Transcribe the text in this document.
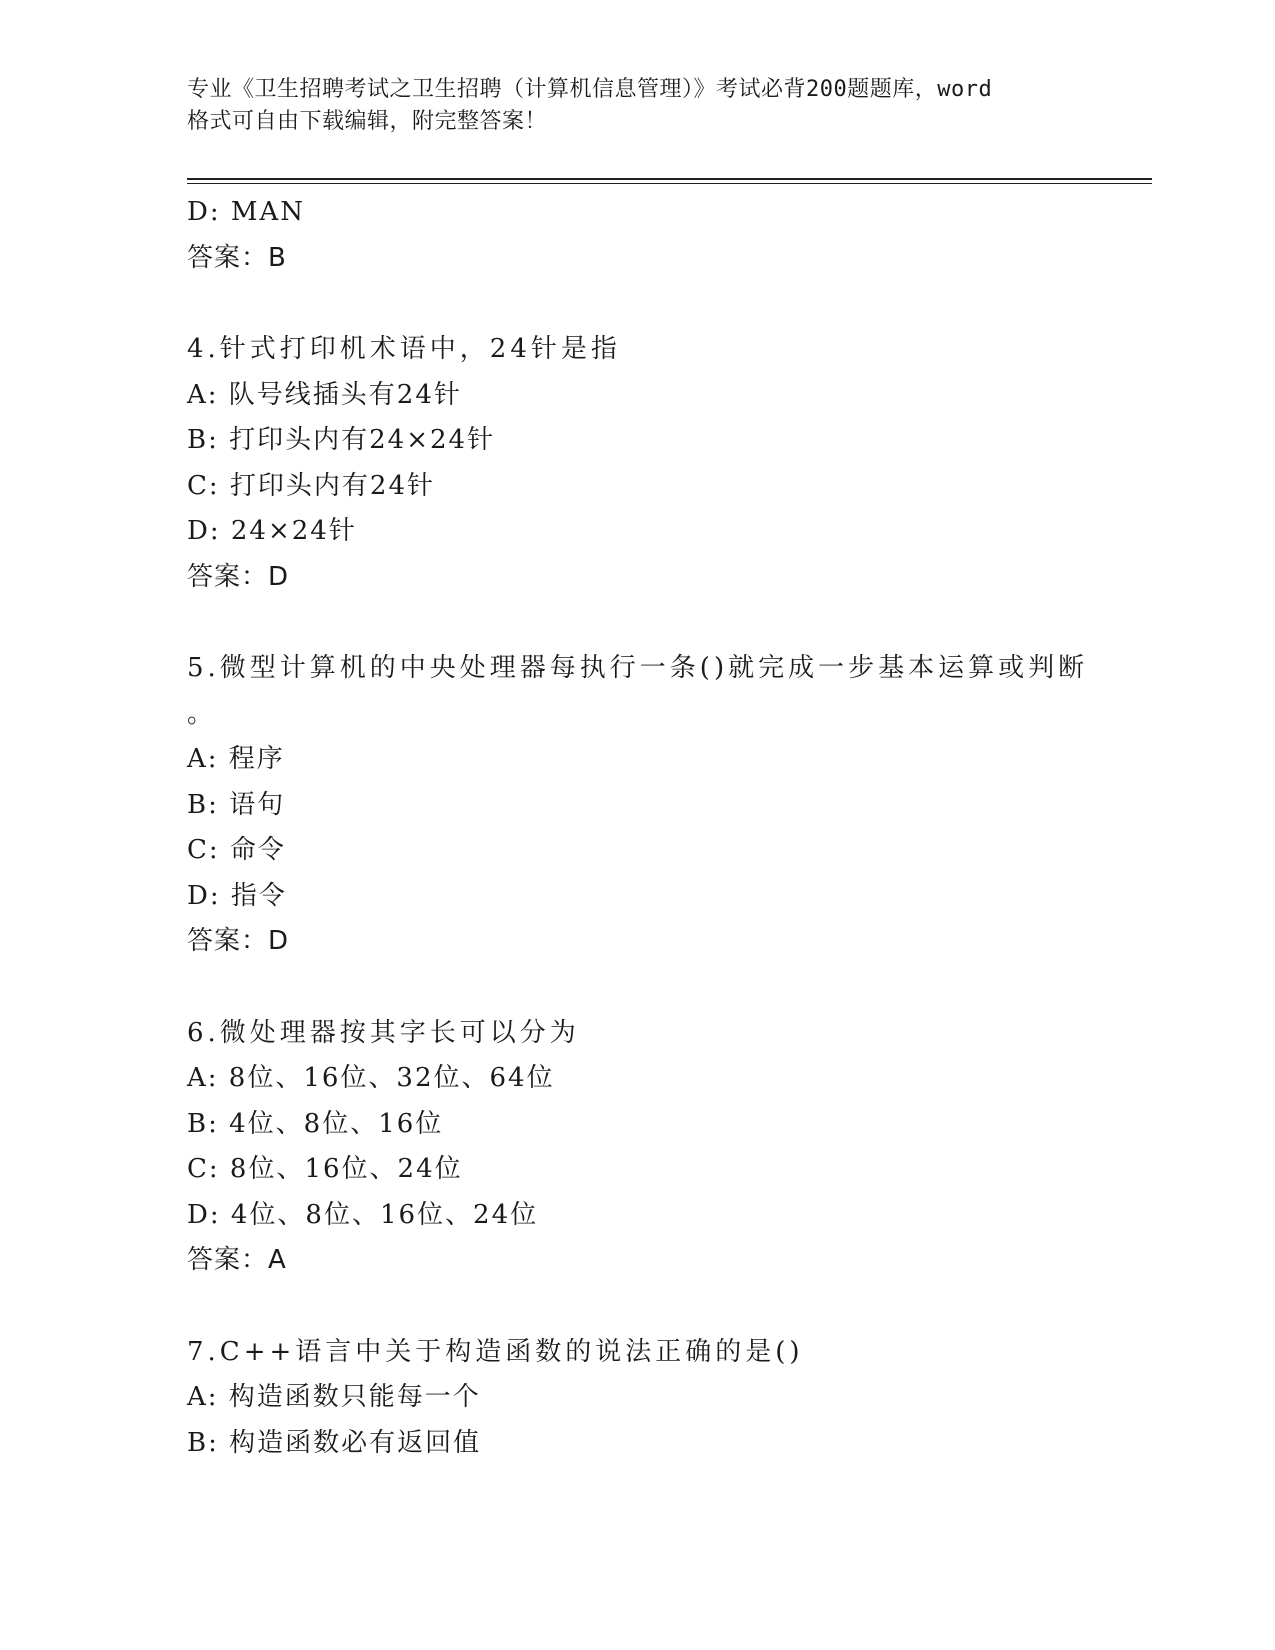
专业《卫生招聘考试之卫生招聘（计算机信息管理）》考试必背200题题库，word
格式可自由下载编辑，附完整答案！
D: MAN
答案：B
4.针式打印机术语中，24针是指
A: 队号线插头有24针
B: 打印头内有24×24针
C: 打印头内有24针
D: 24×24针
答案：D
5.微型计算机的中央处理器每执行一条()就完成一步基本运算或判断
。
A: 程序
B: 语句
C: 命令
D: 指令
答案：D
6.微处理器按其字长可以分为
A: 8位、16位、32位、64位
B: 4位、8位、16位
C: 8位、16位、24位
D: 4位、8位、16位、24位
答案：A
7.C++语言中关于构造函数的说法正确的是()
A: 构造函数只能每一个
B: 构造函数必有返回值
